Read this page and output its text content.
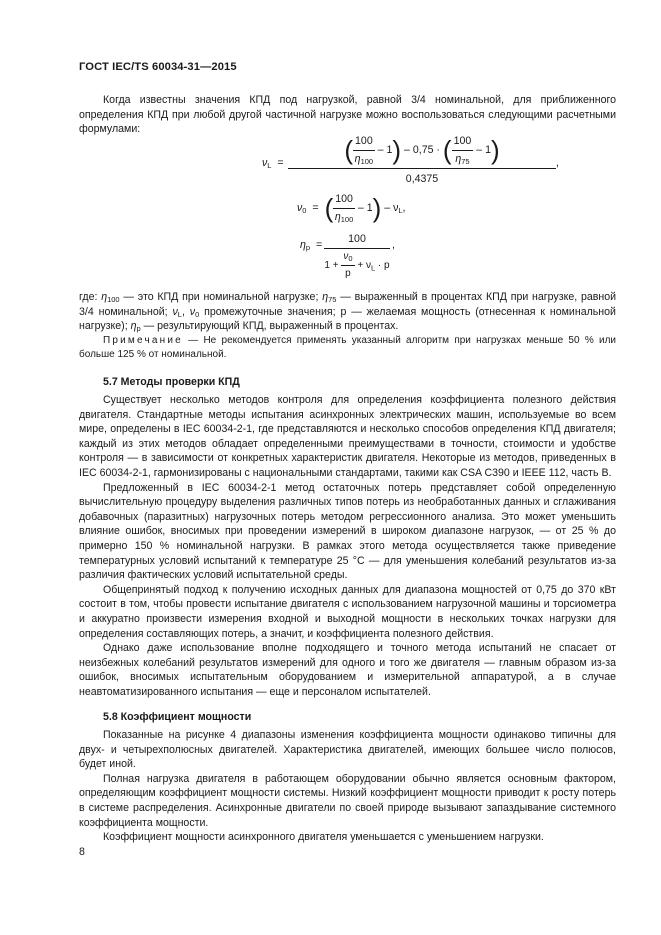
ГОСТ IEC/TS 60034-31—2015
Когда известны значения КПД под нагрузкой, равной 3/4 номинальной, для приближенного определения КПД при любой другой частичной нагрузке можно воспользоваться следующими расчетными формулами:
$\nu_L$ =	( $\frac{100}{\eta_{100}} - 1) - 0,75$ · ( $\frac{100}{\eta_{75}} - 1$)
0,4375
,
$\nu_0$ = ( $\frac{100}{\eta_{100}} - 1) - \nu_L$,
$\eta_p$ =	100
$1 + \frac{\nu_0}{p} + \nu_L \cdot p$
,
где: $\eta_{100}$ — это КПД при номинальной нагрузке; $\eta_{75}$ — выраженный в процентах КПД при нагрузке, равной 3/4 номинальной; $\nu_L$, $\nu_0$ промежуточные значения; p — желаемая мощность (отнесенная к номинальной нагрузке); $\eta_p$ — результирующий КПД, выраженный в процентах.
Примечание — Не рекомендуется применять указанный алгоритм при нагрузках меньше 50 % или больше 125 % от номинальной.
5.7 Методы проверки КПД
Существует несколько методов контроля для определения коэффициента полезного действия двигателя. Стандартные методы испытания асинхронных электрических машин, используемые во всем мире, определены в IEC 60034-2-1, где представляются и несколько способов определения КПД двигателя; каждый из этих методов обладает определенными преимуществами в точности, стоимости и удобстве контроля — в зависимости от конкретных характеристик двигателя. Некоторые из методов, приведенных в IEC 60034-2-1, гармонизированы с национальными стандартами, такими как CSA C390 и IEEE 112, часть В.
Предложенный в IEC 60034-2-1 метод остаточных потерь представляет собой определенную вычислительную процедуру выделения различных типов потерь из необработанных данных и сглаживания добавочных (паразитных) нагрузочных потерь методом регрессионного анализа. Это может уменьшить влияние ошибок, вносимых при проведении измерений в широком диапазоне нагрузок, — от 25 % до примерно 150 % номинальной нагрузки. В рамках этого метода осуществляется также приведение температурных условий испытаний к температуре 25 °C — для уменьшения колебаний результатов из-за различия фактических условий испытательной среды.
Общепринятый подход к получению исходных данных для диапазона мощностей от 0,75 до 370 кВт состоит в том, чтобы провести испытание двигателя с использованием нагрузочной машины и торсиометра и аккуратно произвести измерения входной и выходной мощности в нескольких точках нагрузки для определения составляющих потерь, а значит, и коэффициента полезного действия.
Однако даже использование вполне подходящего и точного метода испытаний не спасает от неизбежных колебаний результатов измерений для одного и того же двигателя — главным образом из-за ошибок, вносимых испытательным оборудованием и измерительной аппаратурой, а в случае неавтоматизированного испытания — еще и персоналом испытателей.
5.8 Коэффициент мощности
Показанные на рисунке 4 диапазоны изменения коэффициента мощности одинаково типичны для двух- и четырехполюсных двигателей. Характеристика двигателей, имеющих большее число полюсов, будет иной.
Полная нагрузка двигателя в работающем оборудовании обычно является основным фактором, определяющим коэффициент мощности системы. Низкий коэффициент мощности приводит к росту потерь в системе распределения. Асинхронные двигатели по своей природе вызывают запаздывание системного коэффициента мощности.
Коэффициент мощности асинхронного двигателя уменьшается с уменьшением нагрузки.
8
